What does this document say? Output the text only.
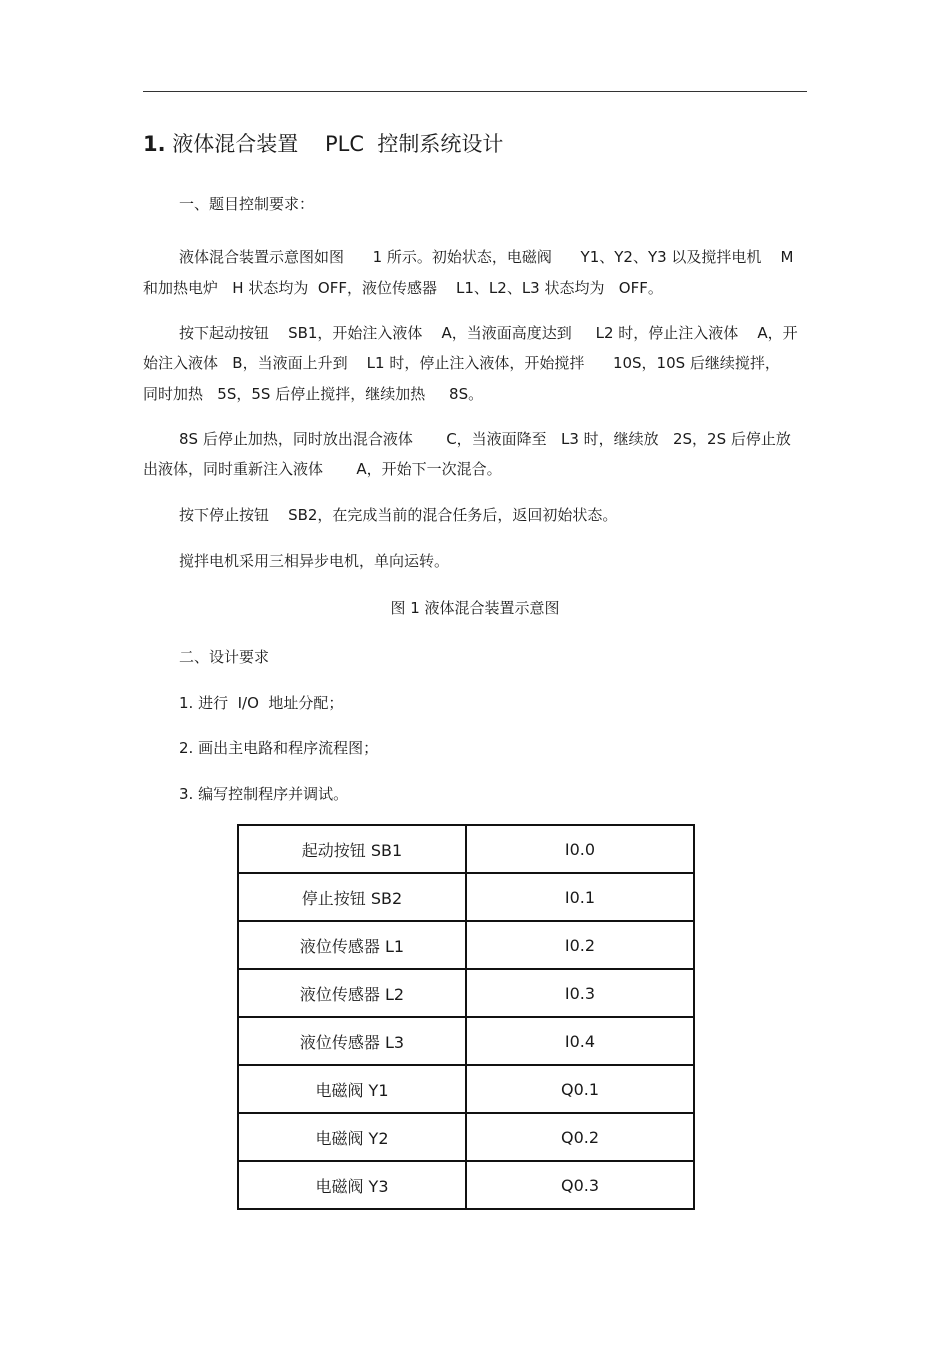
1. 液体混合装置    PLC  控制系统设计
一、题目控制要求：
液体混合装置示意图如图      1 所示。初始状态，电磁阀      Y1、Y2、Y3 以及搅拌电机    M
和加热电炉   H 状态均为  OFF，液位传感器    L1、L2、L3 状态均为   OFF。
按下起动按钮    SB1，开始注入液体    A，当液面高度达到     L2 时，停止注入液体    A，开
始注入液体   B，当液面上升到    L1 时，停止注入液体，开始搅拌      10S，10S 后继续搅拌，
同时加热   5S，5S 后停止搅拌，继续加热     8S。
8S 后停止加热，同时放出混合液体       C，当液面降至   L3 时，继续放   2S，2S 后停止放
出液体，同时重新注入液体       A，开始下一次混合。
按下停止按钮    SB2，在完成当前的混合任务后，返回初始状态。
搅拌电机采用三相异步电机，单向运转。
图 1 液体混合装置示意图
二、设计要求
1. 进行  I/O  地址分配；
2. 画出主电路和程序流程图；
3. 编写控制程序并调试。
起动按钮 SB1	I0.0
停止按钮 SB2	I0.1
液位传感器 L1	I0.2
液位传感器 L2	I0.3
液位传感器 L3	I0.4
电磁阀 Y1	Q0.1
电磁阀 Y2	Q0.2
电磁阀 Y3	Q0.3
